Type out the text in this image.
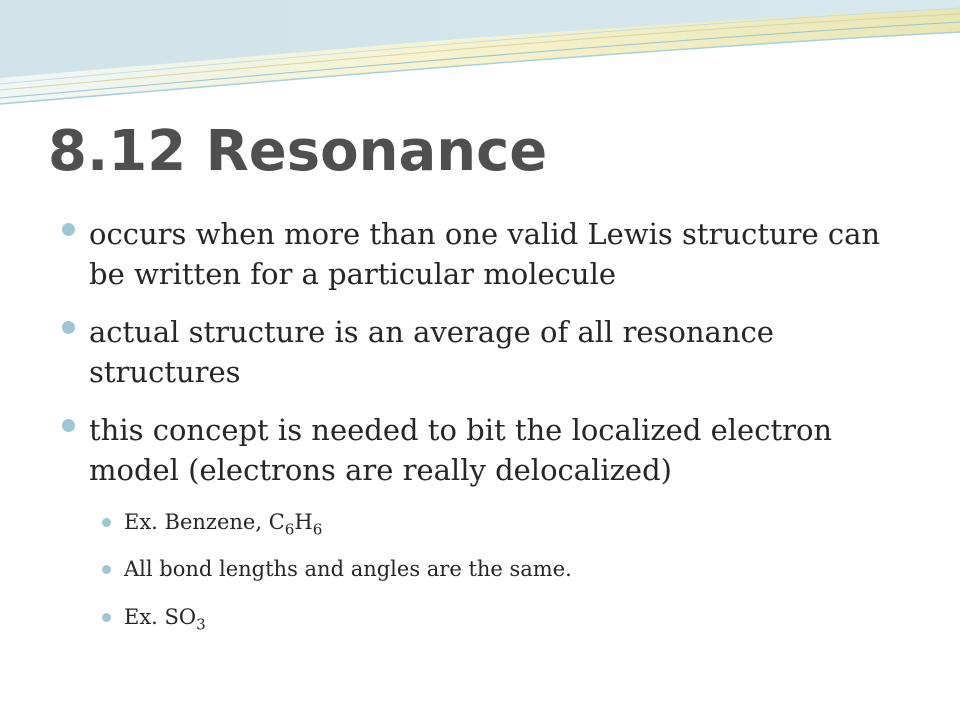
8.12 Resonance
occurs when more than one valid Lewis structure can be written for a particular molecule
actual structure is an average of all resonance structures
this concept is needed to bit the localized electron model (electrons are really delocalized)
Ex. Benzene, $C_6H_6$
All bond lengths and angles are the same.
Ex. $SO_3$
